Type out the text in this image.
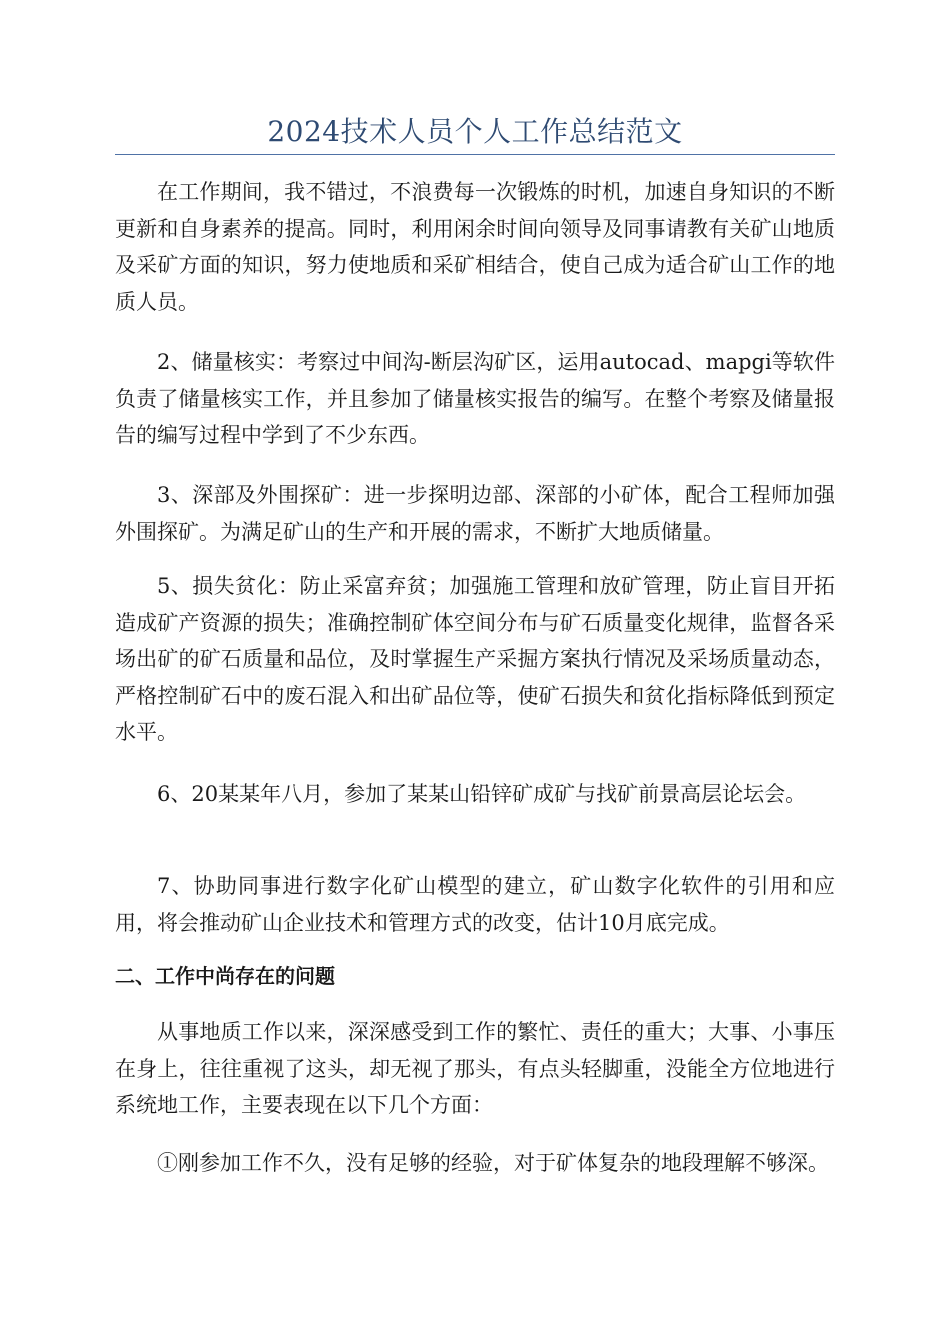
2024技术人员个人工作总结范文

在工作期间，我不错过，不浪费每一次锻炼的时机，加速自身知识的不断更新和自身素养的提高。同时，利用闲余时间向领导及同事请教有关矿山地质及采矿方面的知识，努力使地质和采矿相结合，使自己成为适合矿山工作的地质人员。

2、储量核实：考察过中间沟-断层沟矿区，运用autocad、mapgi等软件负责了储量核实工作，并且参加了储量核实报告的编写。在整个考察及储量报告的编写过程中学到了不少东西。

3、深部及外围探矿：进一步探明边部、深部的小矿体，配合工程师加强外围探矿。为满足矿山的生产和开展的需求，不断扩大地质储量。

5、损失贫化：防止采富弃贫；加强施工管理和放矿管理，防止盲目开拓造成矿产资源的损失；准确控制矿体空间分布与矿石质量变化规律，监督各采场出矿的矿石质量和品位，及时掌握生产采掘方案执行情况及采场质量动态，严格控制矿石中的废石混入和出矿品位等，使矿石损失和贫化指标降低到预定水平。

6、20某某年八月，参加了某某山铅锌矿成矿与找矿前景高层论坛会。

7、协助同事进行数字化矿山模型的建立，矿山数字化软件的引用和应用，将会推动矿山企业技术和管理方式的改变，估计10月底完成。

二、工作中尚存在的问题

从事地质工作以来，深深感受到工作的繁忙、责任的重大；大事、小事压在身上，往往重视了这头，却无视了那头，有点头轻脚重，没能全方位地进行系统地工作，主要表现在以下几个方面：

①刚参加工作不久，没有足够的经验，对于矿体复杂的地段理解不够深。
